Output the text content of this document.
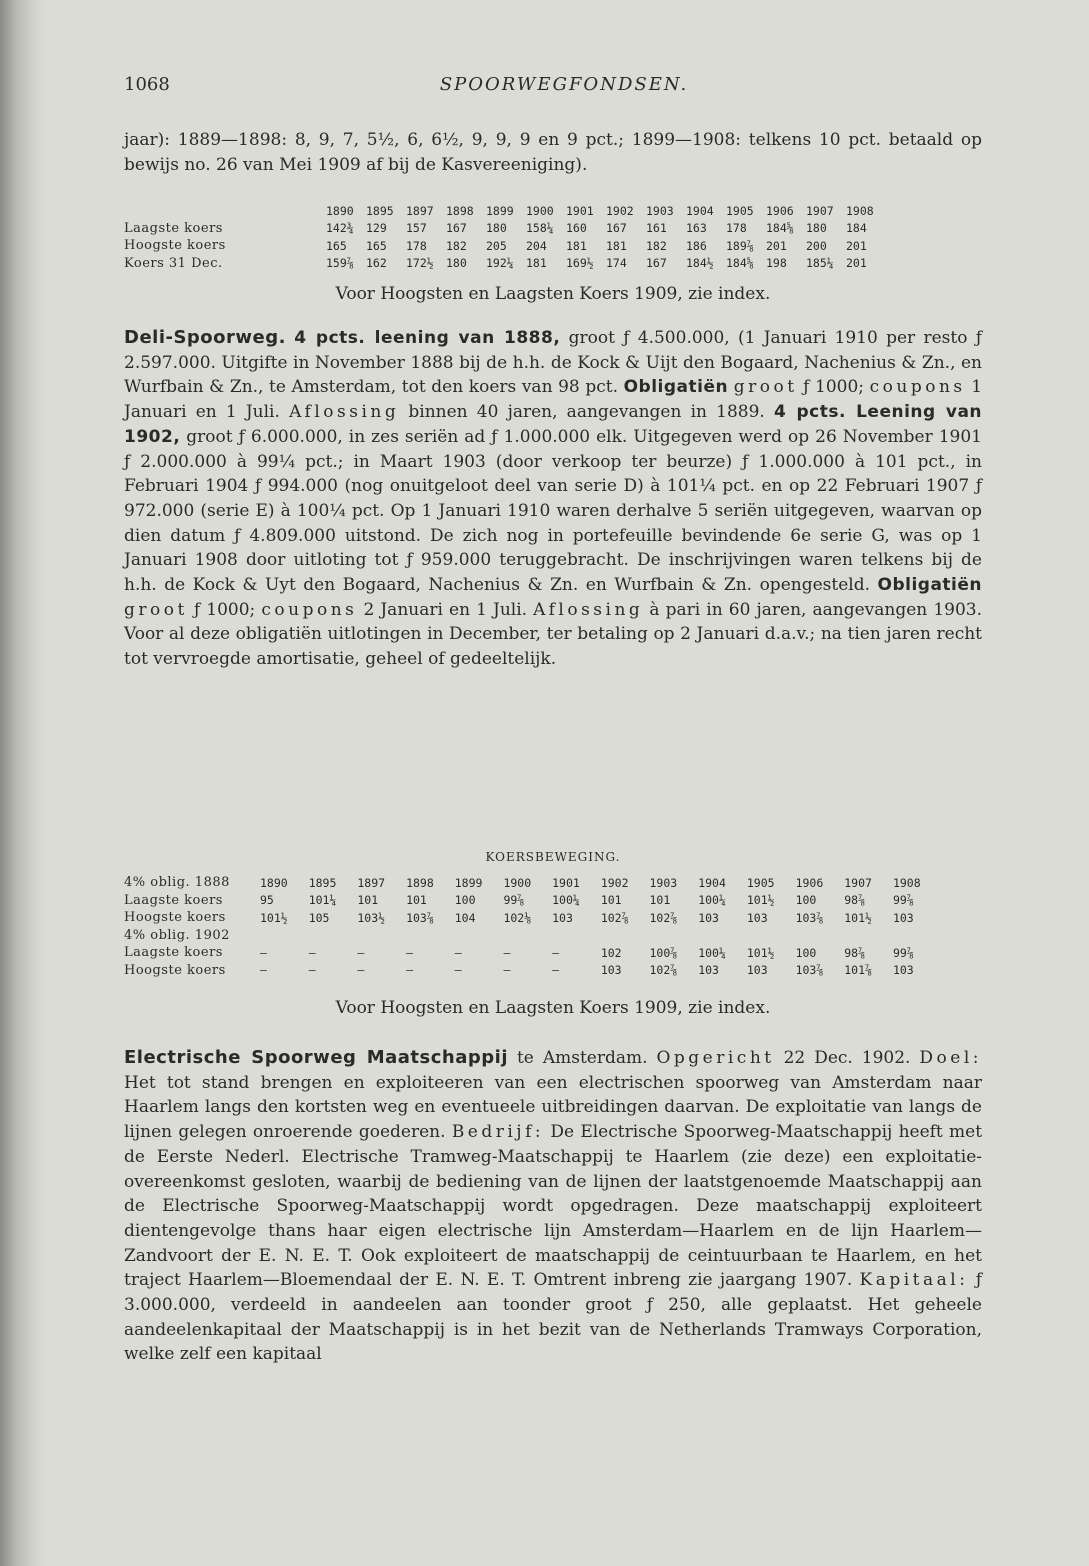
1068	SPOORWEGFONDSEN.

jaar): 1889—1898: 8, 9, 7, 5½, 6, 6½, 9, 9, 9 en 9 pct.; 1899—1908: telkens 10 pct. betaald op bewijs no. 26 van Mei 1909 af bij de Kasvereeniging).

	1890	1895	1897	1898	1899	1900	1901	1902	1903	1904	1905	1906	1907	1908
Laagste koers	142¾	129	157	167	180	158¼	160	167	161	163	178	184⅝	180	184
Hoogste koers	165	165	178	182	205	204	181	181	182	186	189⅞	201	200	201
Koers 31 Dec.	159⅞	162	172½	180	192¼	181	169½	174	167	184½	184⅝	198	185¼	201
Voor Hoogsten en Laagsten Koers 1909, zie index.

Deli-Spoorweg. 4 pcts. leening van 1888, groot ƒ 4.500.000, (1 Januari 1910 per resto ƒ 2.597.000. Uitgifte in November 1888 bij de h.h. de Kock & Uijt den Bogaard, Nachenius & Zn., en Wurfbain & Zn., te Amsterdam, tot den koers van 98 pct. Obligatiën groot ƒ 1000; coupons 1 Januari en 1 Juli. Aflossing binnen 40 jaren, aangevangen in 1889. 4 pcts. Leening van 1902, groot ƒ 6.000.000, in zes seriën ad ƒ 1.000.000 elk. Uitgegeven werd op 26 November 1901 ƒ 2.000.000 à 99¼ pct.; in Maart 1903 (door verkoop ter beurze) ƒ 1.000.000 à 101 pct., in Februari 1904 ƒ 994.000 (nog onuitgeloot deel van serie D) à 101¼ pct. en op 22 Februari 1907 ƒ 972.000 (serie E) à 100¼ pct. Op 1 Januari 1910 waren derhalve 5 seriën uitgegeven, waarvan op dien datum ƒ 4.809.000 uitstond. De zich nog in portefeuille bevindende 6e serie G, was op 1 Januari 1908 door uitloting tot ƒ 959.000 teruggebracht. De inschrijvingen waren telkens bij de h.h. de Kock & Uyt den Bogaard, Nachenius & Zn. en Wurfbain & Zn. opengesteld. Obligatiën groot ƒ 1000; coupons 2 Januari en 1 Juli. Aflossing à pari in 60 jaren, aangevangen 1903. Voor al deze obligatiën uitlotingen in December, ter betaling op 2 Januari d.a.v.; na tien jaren recht tot vervroegde amortisatie, geheel of gedeeltelijk.

KOERSBEWEGING.
4% oblig. 1888	1890	1895	1897	1898	1899	1900	1901	1902	1903	1904	1905	1906	1907	1908
Laagste koers	95	101¼	101	101	100	99⅞	100¼	101	101	100¼	101½	100	98⅞	99⅞
Hoogste koers	101½	105	103½	103⅞	104	102⅛	103	102⅞	102⅞	103	103	103⅞	101½	103
4% oblig. 1902														
Laagste koers	—	—	—	—	—	—	—	102	100⅞	100¼	101½	100	98⅞	99⅞
Hoogste koers	—	—	—	—	—	—	—	103	102⅞	103	103	103⅞	101⅞	103
Voor Hoogsten en Laagsten Koers 1909, zie index.

Electrische Spoorweg Maatschappij te Amsterdam. Opgericht 22 Dec. 1902. Doel: Het tot stand brengen en exploiteeren van een electrischen spoorweg van Amsterdam naar Haarlem langs den kortsten weg en eventueele uitbreidingen daarvan. De exploitatie van langs de lijnen gelegen onroerende goederen. Bedrijf: De Electrische Spoorweg-Maatschappij heeft met de Eerste Nederl. Electrische Tramweg-Maatschappij te Haarlem (zie deze) een exploitatie-overeenkomst gesloten, waarbij de bediening van de lijnen der laatstgenoemde Maatschappij aan de Electrische Spoorweg-Maatschappij wordt opgedragen. Deze maatschappij exploiteert dientengevolge thans haar eigen electrische lijn Amsterdam—Haarlem en de lijn Haarlem—Zandvoort der E. N. E. T. Ook exploiteert de maatschappij de ceintuurbaan te Haarlem, en het traject Haarlem—Bloemendaal der E. N. E. T. Omtrent inbreng zie jaargang 1907. Kapitaal: ƒ 3.000.000, verdeeld in aandeelen aan toonder groot ƒ 250, alle geplaatst. Het geheele aandeelenkapitaal der Maatschappij is in het bezit van de Netherlands Tramways Corporation, welke zelf een kapitaal
